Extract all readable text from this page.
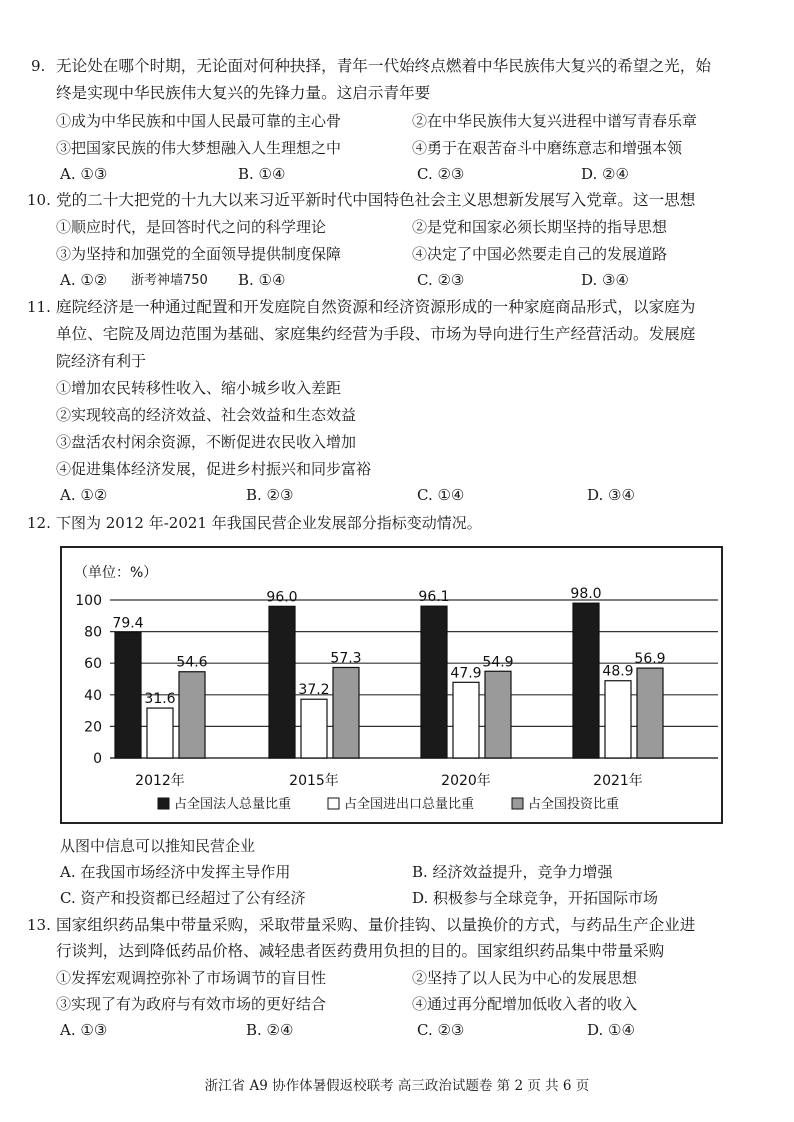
9. 无论处在哪个时期，无论面对何种抉择，青年一代始终点燃着中华民族伟大复兴的希望之光，始
终是实现中华民族伟大复兴的先锋力量。这启示青年要
①成为中华民族和中国人民最可靠的主心骨	②在中华民族伟大复兴进程中谱写青春乐章
③把国家民族的伟大梦想融入人生理想之中	④勇于在艰苦奋斗中磨练意志和增强本领
A. ①③	B. ①④	C. ②③	D. ②④
10. 党的二十大把党的十九大以来习近平新时代中国特色社会主义思想新发展写入党章。这一思想
①顺应时代，是回答时代之问的科学理论	②是党和国家必须长期坚持的指导思想
③为坚持和加强党的全面领导提供制度保障	④决定了中国必然要走自己的发展道路
A. ①② 浙考神墙750 B. ①④	C. ②③	D. ③④
11. 庭院经济是一种通过配置和开发庭院自然资源和经济资源形成的一种家庭商品形式，以家庭为
单位、宅院及周边范围为基础、家庭集约经营为手段、市场为导向进行生产经营活动。发展庭
院经济有利于
①增加农民转移性收入、缩小城乡收入差距
②实现较高的经济效益、社会效益和生态效益
③盘活农村闲余资源，不断促进农民收入增加
④促进集体经济发展，促进乡村振兴和同步富裕
A. ①②	B. ②③	C. ①④	D. ③④
12. 下图为 2012 年-2021 年我国民营企业发展部分指标变动情况。
（单位：%）
0
20
40
60
80
100
79.4
31.6
54.6
2012年
96.0
37.2
57.3
2015年
96.1
47.9
54.9
2020年
98.0
48.9
56.9
2021年
占全国法人总量比重	占全国进出口总量比重	占全国投资比重
从图中信息可以推知民营企业
A. 在我国市场经济中发挥主导作用	B. 经济效益提升，竞争力增强
C. 资产和投资都已经超过了公有经济	D. 积极参与全球竞争，开拓国际市场
13. 国家组织药品集中带量采购，采取带量采购、量价挂钩、以量换价的方式，与药品生产企业进
行谈判，达到降低药品价格、减轻患者医药费用负担的目的。国家组织药品集中带量采购
①发挥宏观调控弥补了市场调节的盲目性	②坚持了以人民为中心的发展思想
③实现了有为政府与有效市场的更好结合	④通过再分配增加低收入者的收入
A. ①③	B. ②④	C. ②③	D. ①④
浙江省 A9 协作体暑假返校联考 高三政治试题卷 第 2 页 共 6 页
